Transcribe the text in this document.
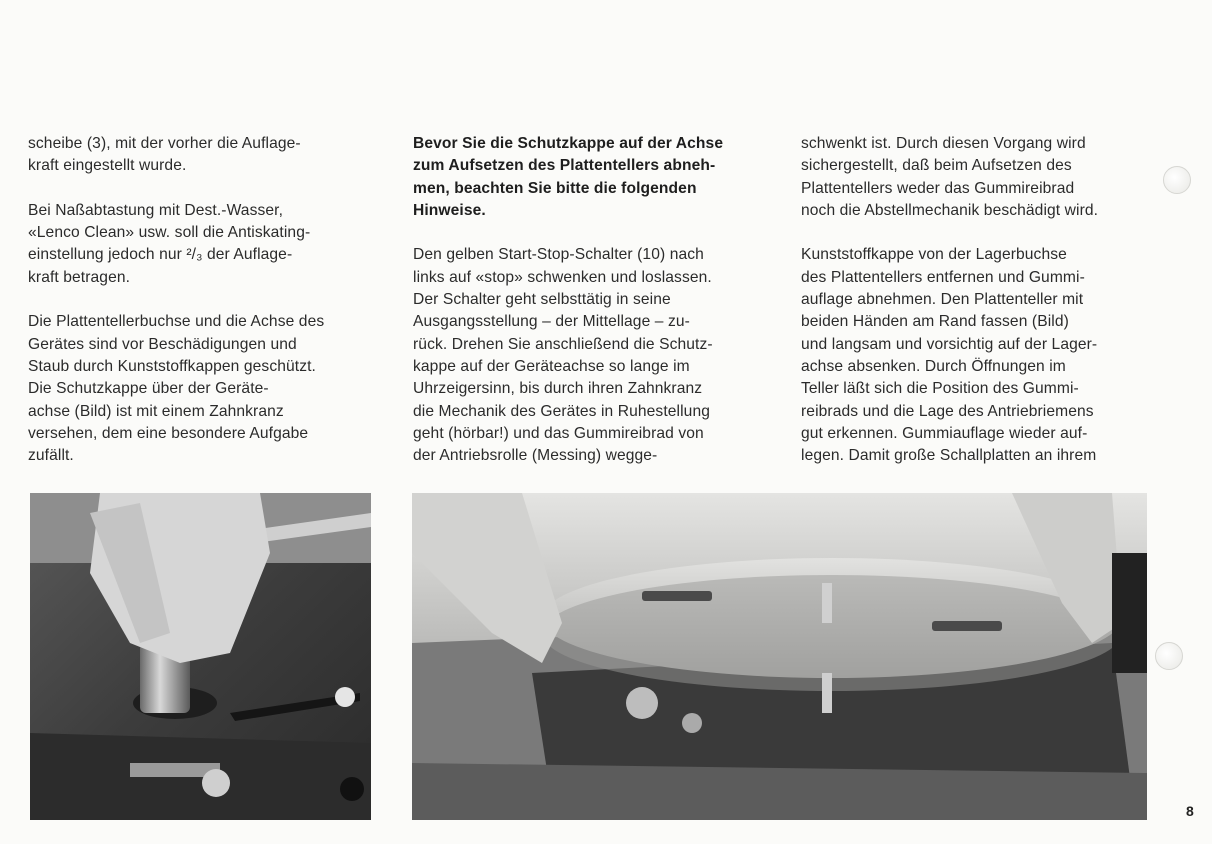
scheibe (3), mit der vorher die Auflage-
kraft eingestellt wurde.

Bei Naßabtastung mit Dest.-Wasser,
«Lenco Clean» usw. soll die Antiskating-
einstellung jedoch nur ²/₃ der Auflage-
kraft betragen.

Die Plattentellerbuchse und die Achse des
Gerätes sind vor Beschädigungen und
Staub durch Kunststoffkappen geschützt.
Die Schutzkappe über der Geräte-
achse (Bild) ist mit einem Zahnkranz
versehen, dem eine besondere Aufgabe
zufällt.

Bevor Sie die Schutzkappe auf der Achse
zum Aufsetzen des Plattentellers abneh-
men, beachten Sie bitte die folgenden
Hinweise.

Den gelben Start-Stop-Schalter (10) nach
links auf «stop» schwenken und loslassen.
Der Schalter geht selbsttätig in seine
Ausgangsstellung – der Mittellage – zu-
rück. Drehen Sie anschließend die Schutz-
kappe auf der Geräteachse so lange im
Uhrzeigersinn, bis durch ihren Zahnkranz
die Mechanik des Gerätes in Ruhestellung
geht (hörbar!) und das Gummireibrad von
der Antriebsrolle (Messing) wegge-

schwenkt ist. Durch diesen Vorgang wird
sichergestellt, daß beim Aufsetzen des
Plattentellers weder das Gummireibrad
noch die Abstellmechanik beschädigt wird.

Kunststoffkappe von der Lagerbuchse
des Plattentellers entfernen und Gummi-
auflage abnehmen. Den Plattenteller mit
beiden Händen am Rand fassen (Bild)
und langsam und vorsichtig auf der Lager-
achse absenken. Durch Öffnungen im
Teller läßt sich die Position des Gummi-
reibrads und die Lage des Antriebriemens
gut erkennen. Gummiauflage wieder auf-
legen. Damit große Schallplatten an ihrem

8
